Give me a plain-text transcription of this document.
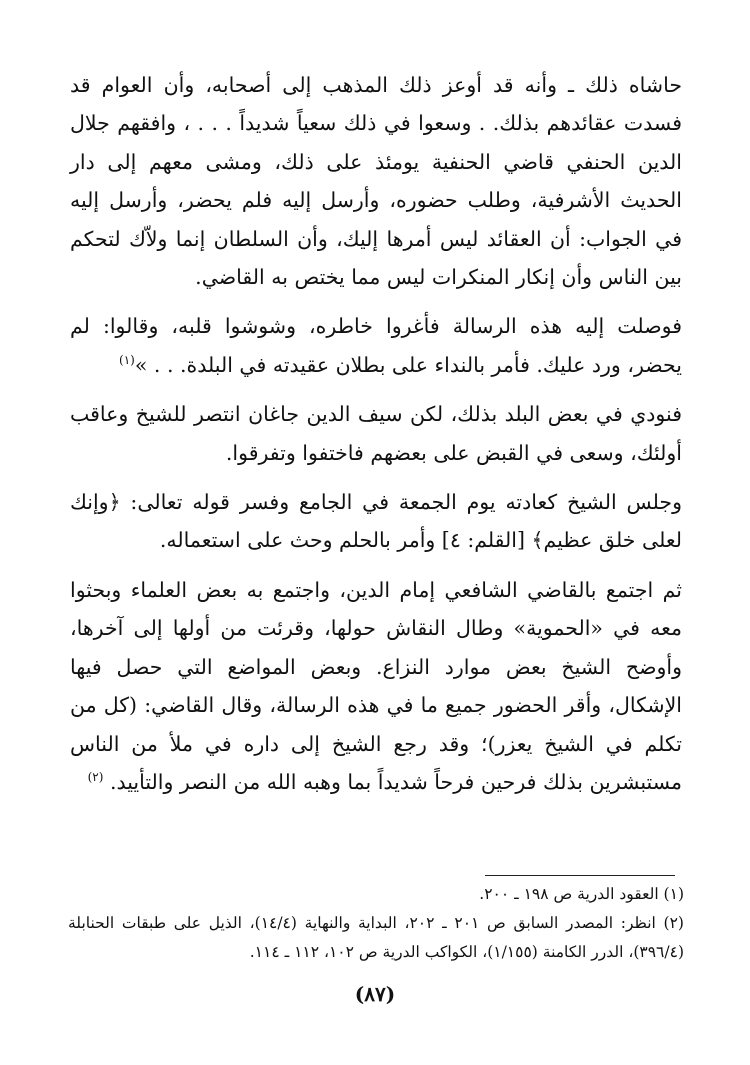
حاشاه ذلك ـ وأنه قد أوعز ذلك المذهب إلى أصحابه، وأن العوام قد فسدت عقائدهم بذلك. . وسعوا في ذلك سعياً شديداً . . . ، وافقهم جلال الدين الحنفي قاضي الحنفية يومئذ على ذلك، ومشى معهم إلى دار الحديث الأشرفية، وطلب حضوره، وأرسل إليه فلم يحضر، وأرسل إليه في الجواب: أن العقائد ليس أمرها إليك، وأن السلطان إنما ولاّك لتحكم بين الناس وأن إنكار المنكرات ليس مما يختص به القاضي.

فوصلت إليه هذه الرسالة فأغروا خاطره، وشوشوا قلبه، وقالوا: لم يحضر، ورد عليك. فأمر بالنداء على بطلان عقيدته في البلدة. . . »$^{(١)}$

فنودي في بعض البلد بذلك، لكن سيف الدين جاغان انتصر للشيخ وعاقب أولئك، وسعى في القبض على بعضهم فاختفوا وتفرقوا.

وجلس الشيخ كعادته يوم الجمعة في الجامع وفسر قوله تعالى: ﴿وإنك لعلى خلق عظيم﴾ [القلم: ٤] وأمر بالحلم وحث على استعماله.

ثم اجتمع بالقاضي الشافعي إمام الدين، واجتمع به بعض العلماء وبحثوا معه في «الحموية» وطال النقاش حولها، وقرئت من أولها إلى آخرها، وأوضح الشيخ بعض موارد النزاع. وبعض المواضع التي حصل فيها الإشكال، وأقر الحضور جميع ما في هذه الرسالة، وقال القاضي: (كل من تكلم في الشيخ يعزر)؛ وقد رجع الشيخ إلى داره في ملأ من الناس مستبشرين بذلك فرحين فرحاً شديداً بما وهبه الله من النصر والتأييد. $^{(٢)}$

(١) العقود الدرية ص ١٩٨ ـ ٢٠٠.

(٢) انظر: المصدر السابق ص ٢٠١ ـ ٢٠٢، البداية والنهاية (١٤/٤)، الذيل على طبقات الحنابلة (٣٩٦/٤)، الدرر الكامنة (١/١٥٥)، الكواكب الدرية ص ١٠٢، ١١٢ ـ ١١٤.

(٨٧)
